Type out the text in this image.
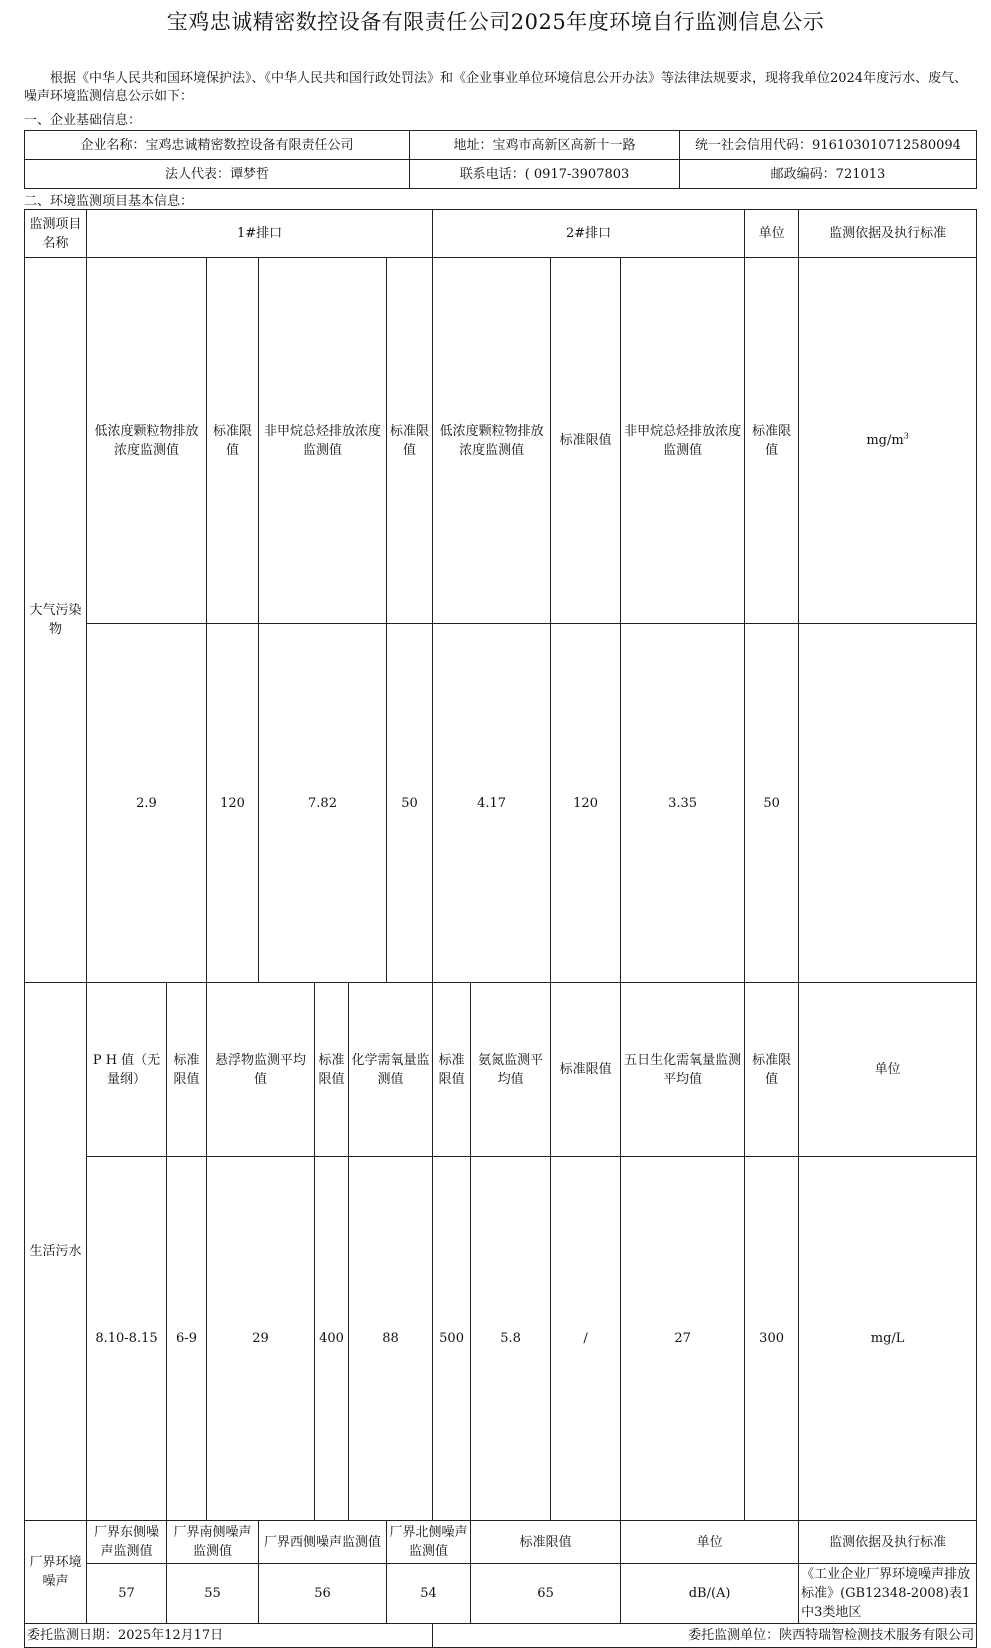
宝鸡忠诚精密数控设备有限责任公司2025年度环境自行监测信息公示

根据《中华人民共和国环境保护法》、《中华人民共和国行政处罚法》和《企业事业单位环境信息公开办法》等法律法规要求，现将我单位2024年度污水、废气、噪声环境监测信息公示如下：

一、企业基础信息：
企业名称：宝鸡忠诚精密数控设备有限责任公司	地址：宝鸡市高新区高新十一路	统一社会信用代码：916103010712580094
法人代表：谭梦哲	联系电话：( 0917-3907803	邮政编码：721013
二、环境监测项目基本信息：
监测项目名称	1#排口							2#排口				单位	监测依据及执行标准	
大气污染物	低浓度颗粒物排放浓度监测值		标准限值	非甲烷总烃排放浓度监测值			标准限值	低浓度颗粒物排放浓度监测值		标准限值	非甲烷总烃排放浓度监测值	标准限值	$mg/m^3$	
	2.9		120	7.82			50	4.17		120	3.35	50		
生活污水	P H 值（无量纲）	标准限值	悬浮物监测平均值		标准限值	化学需氧量监测值		标准限值	氨氮监测平均值	标准限值	五日生化需氧量监测平均值	标准限值	单位	
	8.10-8.15	6-9	29		400	88		500	5.8	/	27	300	mg/L	
厂界环境噪声	厂界东侧噪声监测值	厂界南侧噪声监测值		厂界西侧噪声监测值			厂界北侧噪声监测值		标准限值		单位		监测依据及执行标准	
	57	55		56			54		65		dB/(A)		《工业企业厂界环境噪声排放标准》(GB12348-2008)表1中3类地区	
委托监测日期：2025年12月17日								委托监测单位：陕西特瑞智检测技术服务有限公司						
